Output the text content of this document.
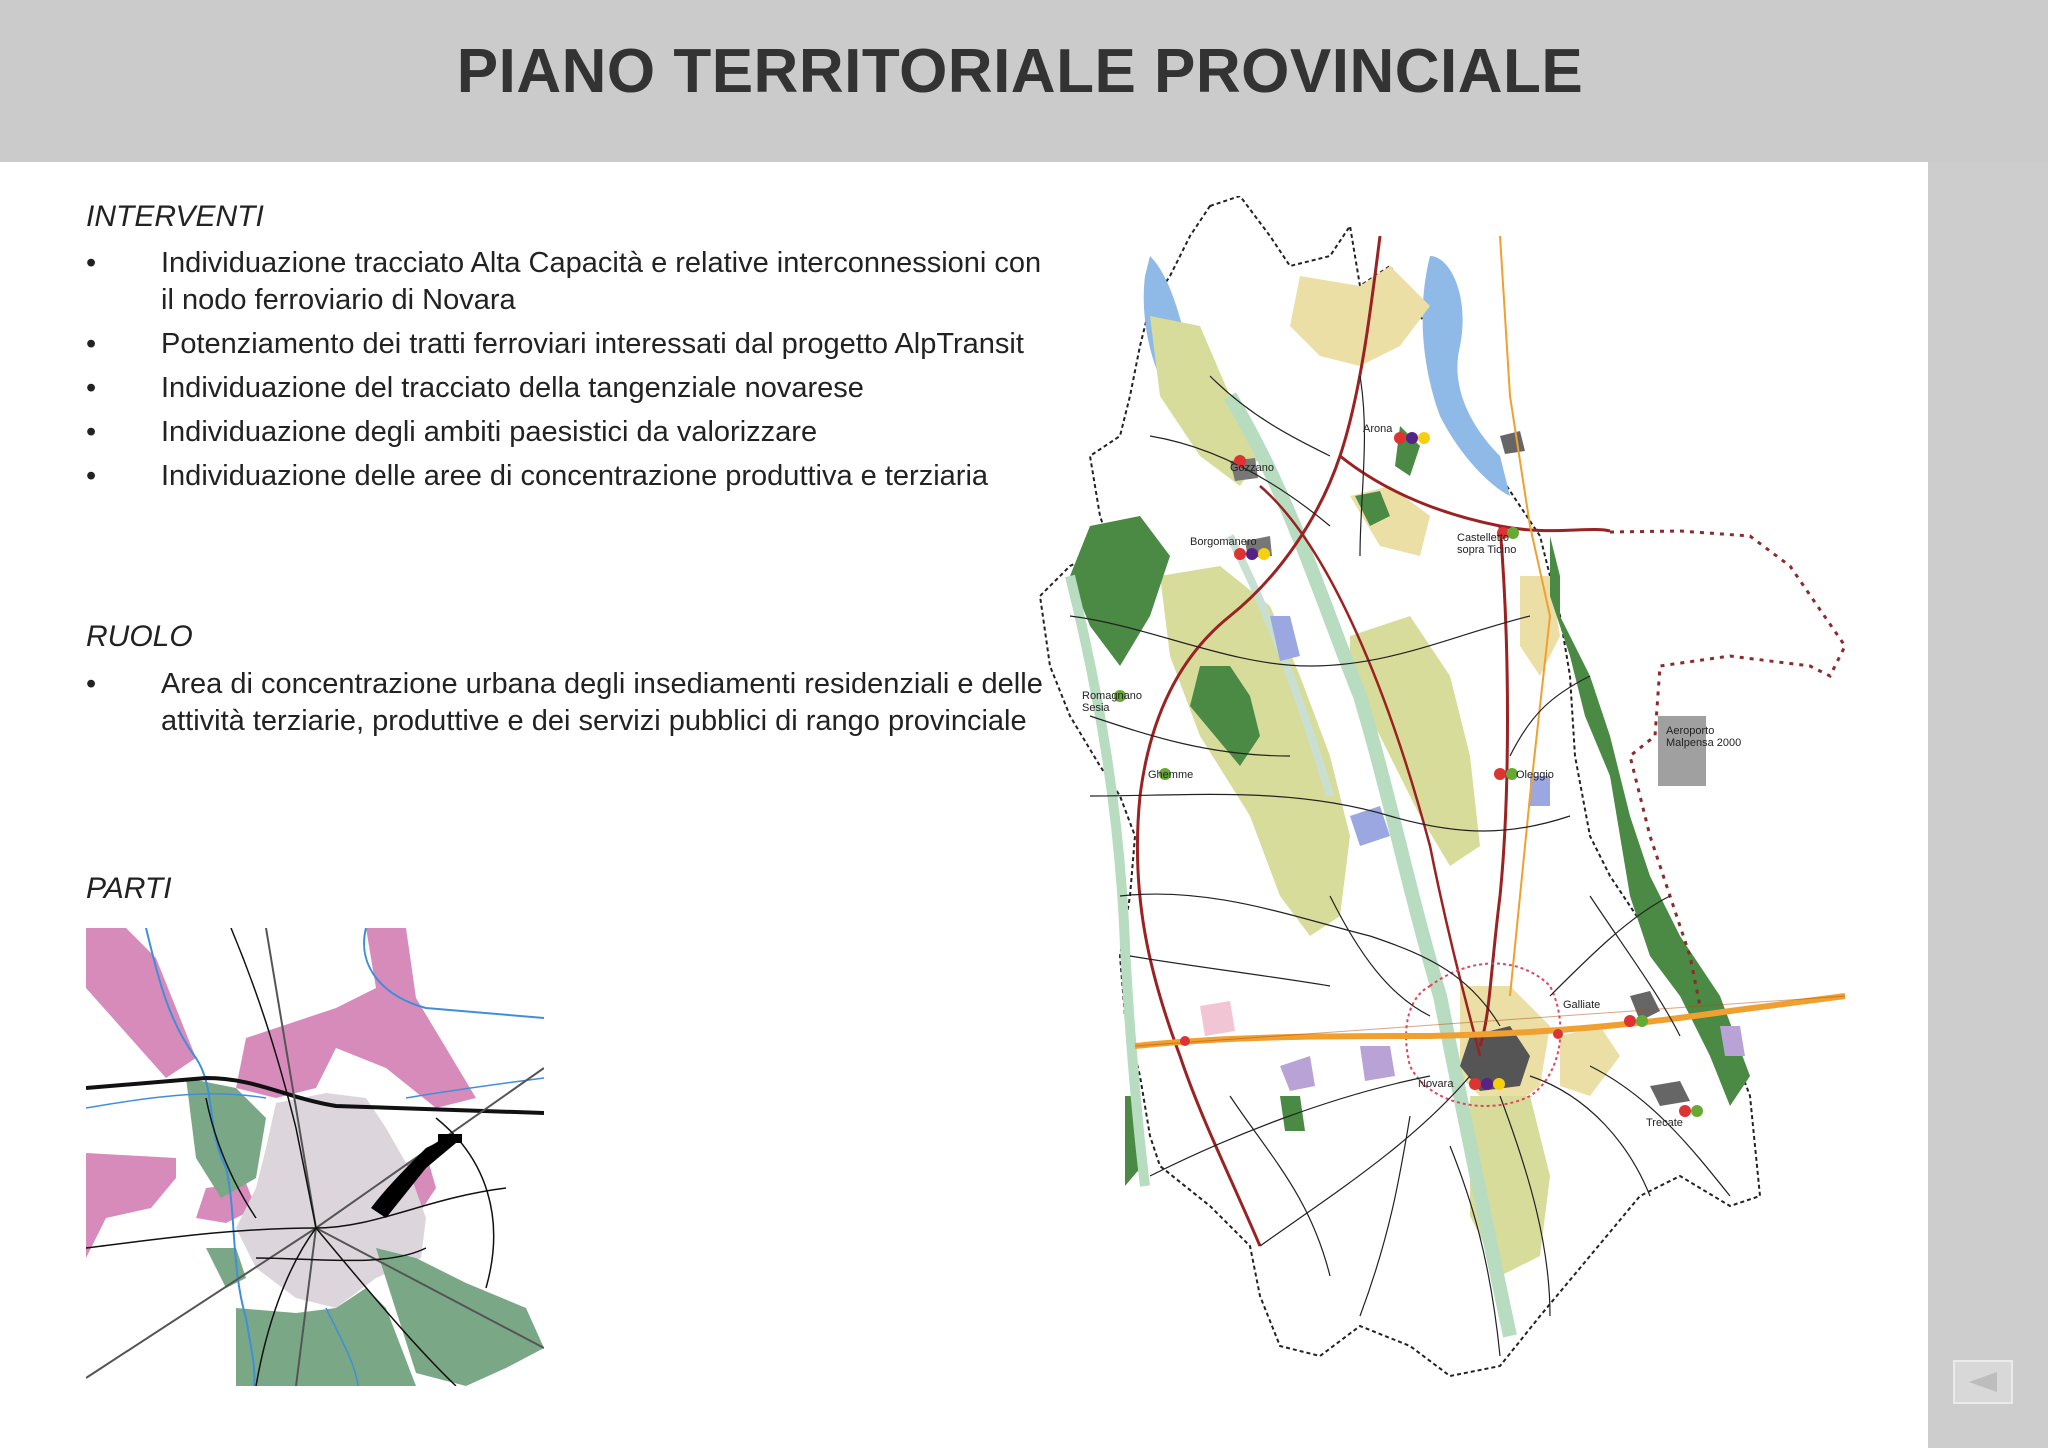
PIANO TERRITORIALE PROVINCIALE
INTERVENTI
• Individuazione tracciato Alta Capacità e relative interconnessioni con il nodo ferroviario di Novara
• Potenziamento dei tratti ferroviari interessati dal progetto AlpTransit
• Individuazione del tracciato della tangenziale novarese
• Individuazione degli ambiti paesistici da valorizzare
• Individuazione delle aree di concentrazione produttiva e terziaria
RUOLO
• Area di concentrazione urbana degli insediamenti residenziali e delle attività terziarie, produttive e dei servizi pubblici di rango provinciale
PARTI
Arona
Gozzano
Borgomanero	Castelletto
sopra Ticino
Romagnano
Sesia
Ghemme	Oleggio
Aeroporto
Malpensa 2000
Galliate
Novara
Trecate
